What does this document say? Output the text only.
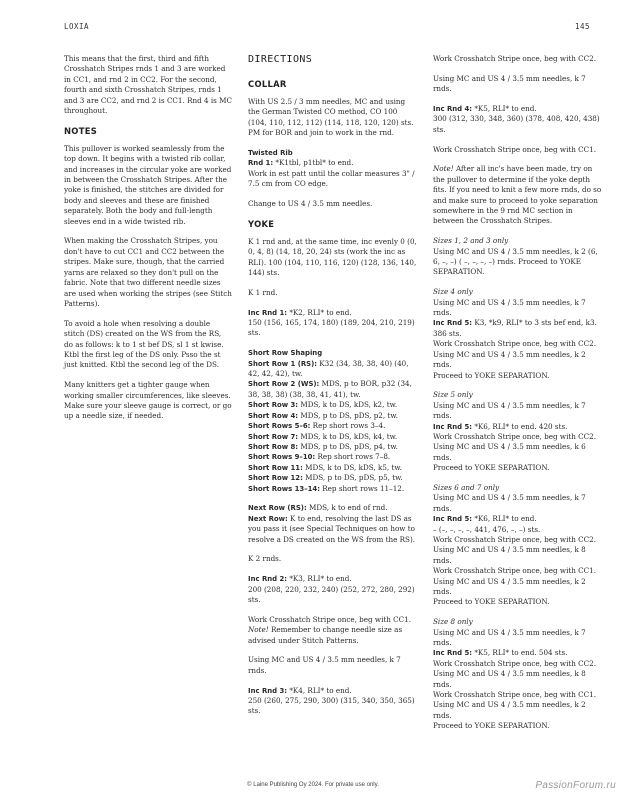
LOXIA	145

This means that the first, third and fifth Crosshatch Stripes rnds 1 and 3 are worked in CC1, and rnd 2 in CC2. For the second, fourth and sixth Crosshatch Stripes, rnds 1 and 3 are CC2, and rnd 2 is CC1. Rnd 4 is MC throughout.

NOTES

This pullover is worked seamlessly from the top down. It begins with a twisted rib collar, and increases in the circular yoke are worked in between the Crosshatch Stripes. After the yoke is finished, the stitches are divided for body and sleeves and these are finished separately. Both the body and full-length sleeves end in a wide twisted rib.

When making the Crosshatch Stripes, you don't have to cut CC1 and CC2 between the stripes. Make sure, though, that the carried yarns are relaxed so they don't pull on the fabric. Note that two different needle sizes are used when working the stripes (see Stitch Patterns).

To avoid a hole when resolving a double stitch (DS) created on the WS from the RS, do as follows: k to 1 st bef DS, sl 1 st kwise. Ktbl the first leg of the DS only. Psso the st just knitted. Ktbl the second leg of the DS.

Many knitters get a tighter gauge when working smaller circumferences, like sleeves. Make sure your sleeve gauge is correct, or go up a needle size, if needed.

DIRECTIONS
COLLAR

With US 2.5 / 3 mm needles, MC and using the German Twisted CO method, CO 100 (104, 110, 112, 112) (114, 118, 120, 120) sts. PM for BOR and join to work in the rnd.

Twisted Rib

Rnd 1: *K1tbl, p1tbl* to end.

Work in est patt until the collar measures 3" / 7.5 cm from CO edge.

Change to US 4 / 3.5 mm needles.

YOKE

K 1 rnd and, at the same time, inc evenly 0 (0, 0, 4, 8) (14, 18, 20, 24) sts (work the inc as RLI). 100 (104, 110, 116, 120) (128, 136, 140, 144) sts.

K 1 rnd.

Inc Rnd 1: *K2, RLI* to end.

150 (156, 165, 174, 180) (189, 204, 210, 219) sts.

Short Row Shaping

Short Row 1 (RS): K32 (34, 38, 38, 40) (40, 42, 42, 42), tw.

Short Row 2 (WS): MDS, p to BOR, p32 (34, 38, 38, 38) (38, 38, 41, 41), tw.

Short Row 3: MDS, k to DS, kDS, k2, tw.

Short Row 4: MDS, p to DS, pDS, p2, tw.

Short Rows 5–6: Rep short rows 3–4.

Short Row 7: MDS, k to DS, kDS, k4, tw.

Short Row 8: MDS, p to DS, pDS, p4, tw.

Short Rows 9–10: Rep short rows 7–8.

Short Row 11: MDS, k to DS, kDS, k5, tw.

Short Row 12: MDS, p to DS, pDS, p5, tw.

Short Rows 13–14: Rep short rows 11–12.

Next Row (RS): MDS, k to end of rnd.

Next Row: K to end, resolving the last DS as you pass it (see Special Techniques on how to resolve a DS created on the WS from the RS).

K 2 rnds.

Inc Rnd 2: *K3, RLI* to end.

200 (208, 220, 232, 240) (252, 272, 280, 292) sts.

Work Crosshatch Stripe once, beg with CC1.

Note! Remember to change needle size as advised under Stitch Patterns.

Using MC and US 4 / 3.5 mm needles, k 7 rnds.

Inc Rnd 3: *K4, RLI* to end.

250 (260, 275, 290, 300) (315, 340, 350, 365) sts.

Work Crosshatch Stripe once, beg with CC2.

Using MC and US 4 / 3.5 mm needles, k 7 rnds.

Inc Rnd 4: *K5, RLI* to end.

300 (312, 330, 348, 360) (378, 408, 420, 438) sts.

Work Crosshatch Stripe once, beg with CC1.

Note! After all inc's have been made, try on the pullover to determine if the yoke depth fits. If you need to knit a few more rnds, do so and make sure to proceed to yoke separation somewhere in the 9 rnd MC section in between the Crosshatch Stripes.

Sizes 1, 2 and 3 only

Using MC and US 4 / 3.5 mm needles, k 2 (6, 6, –, –) ( –, –, –, –) rnds. Proceed to YOKE SEPARATION.

Size 4 only

Using MC and US 4 / 3.5 mm needles, k 7 rnds.

Inc Rnd 5: K3, *k9, RLI* to 3 sts bef end, k3. 386 sts.

Work Crosshatch Stripe once, beg with CC2.

Using MC and US 4 / 3.5 mm needles, k 2 rnds.

Proceed to YOKE SEPARATION.

Size 5 only

Using MC and US 4 / 3.5 mm needles, k 7 rnds.

Inc Rnd 5: *K6, RLI* to end. 420 sts.

Work Crosshatch Stripe once, beg with CC2.

Using MC and US 4 / 3.5 mm needles, k 6 rnds.

Proceed to YOKE SEPARATION.

Sizes 6 and 7 only

Using MC and US 4 / 3.5 mm needles, k 7 rnds.

Inc Rnd 5: *K6, RLI* to end.

– (–, –, –, –, 441, 476, –, –) sts.

Work Crosshatch Stripe once, beg with CC2.

Using MC and US 4 / 3.5 mm needles, k 8 rnds.

Work Crosshatch Stripe once, beg with CC1.

Using MC and US 4 / 3.5 mm needles, k 2 rnds.

Proceed to YOKE SEPARATION.

Size 8 only

Using MC and US 4 / 3.5 mm needles, k 7 rnds.

Inc Rnd 5: *K5, RLI* to end. 504 sts.

Work Crosshatch Stripe once, beg with CC2.

Using MC and US 4 / 3.5 mm needles, k 8 rnds.

Work Crosshatch Stripe once, beg with CC1.

Using MC and US 4 / 3.5 mm needles, k 2 rnds.

Proceed to YOKE SEPARATION.

© Laine Publishing Oy 2024. For private use only.	PassionForum.ru
